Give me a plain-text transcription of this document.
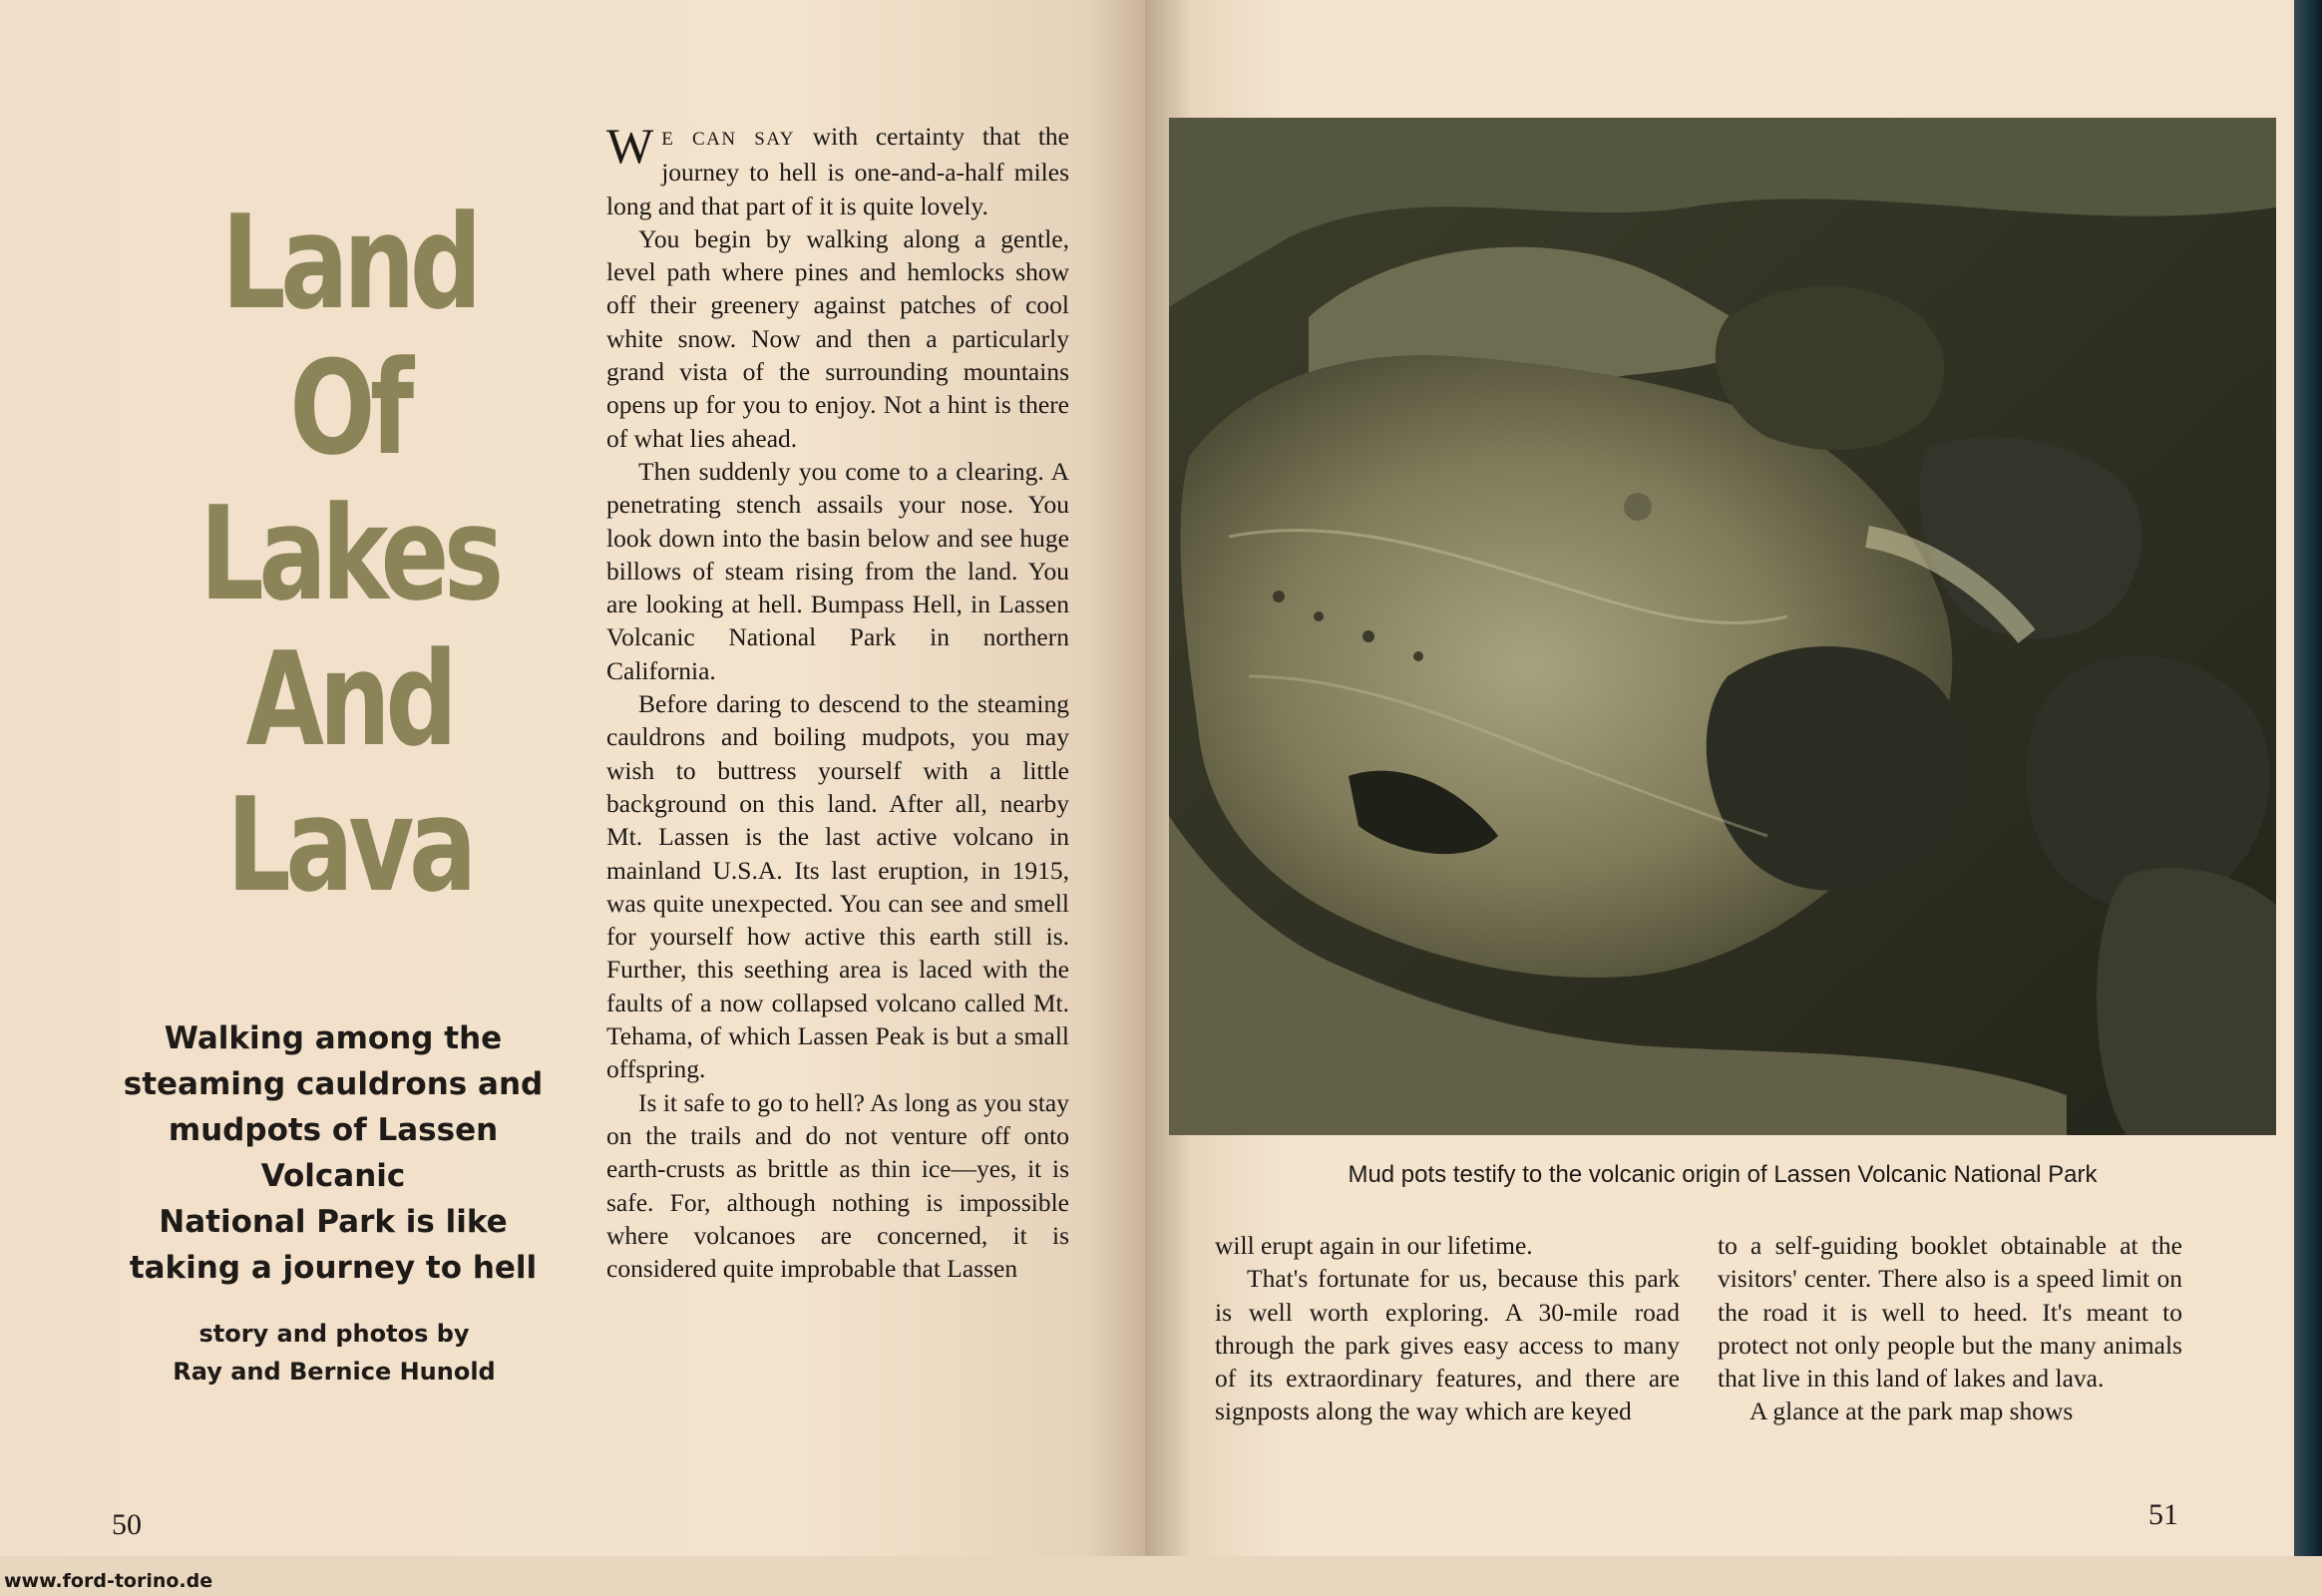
Land
Of
Lakes
And
Lava
Walking among the
steaming cauldrons and
mudpots of Lassen Volcanic
National Park is like
taking a journey to hell
story and photos by
Ray and Bernice Hunold

W E CAN SAY with certainty that the journey to hell is one-and-a-half miles long and that part of it is quite lovely.

You begin by walking along a gentle, level path where pines and hemlocks show off their greenery against patches of cool white snow. Now and then a particularly grand vista of the surrounding mountains opens up for you to enjoy. Not a hint is there of what lies ahead.

Then suddenly you come to a clearing. A penetrating stench assails your nose. You look down into the basin below and see huge billows of steam rising from the land. You are looking at hell. Bumpass Hell, in Lassen Volcanic National Park in northern California.

Before daring to descend to the steaming cauldrons and boiling mudpots, you may wish to buttress yourself with a little background on this land. After all, nearby Mt. Lassen is the last active volcano in mainland U.S.A. Its last eruption, in 1915, was quite unexpected. You can see and smell for yourself how active this earth still is. Further, this seething area is laced with the faults of a now collapsed volcano called Mt. Tehama, of which Lassen Peak is but a small offspring.

Is it safe to go to hell? As long as you stay on the trails and do not venture off onto earth-crusts as brittle as thin ice—yes, it is safe. For, although nothing is impossible where volcanoes are concerned, it is considered quite improbable that Lassen

Mud pots testify to the volcanic origin of Lassen Volcanic National Park

will erupt again in our lifetime.

That's fortunate for us, because this park is well worth exploring. A 30-mile road through the park gives easy access to many of its extraordinary features, and there are signposts along the way which are keyed

to a self-guiding booklet obtainable at the visitors' center. There also is a speed limit on the road it is well to heed. It's meant to protect not only people but the many animals that live in this land of lakes and lava.

A glance at the park map shows

50	51
www.ford-torino.de
